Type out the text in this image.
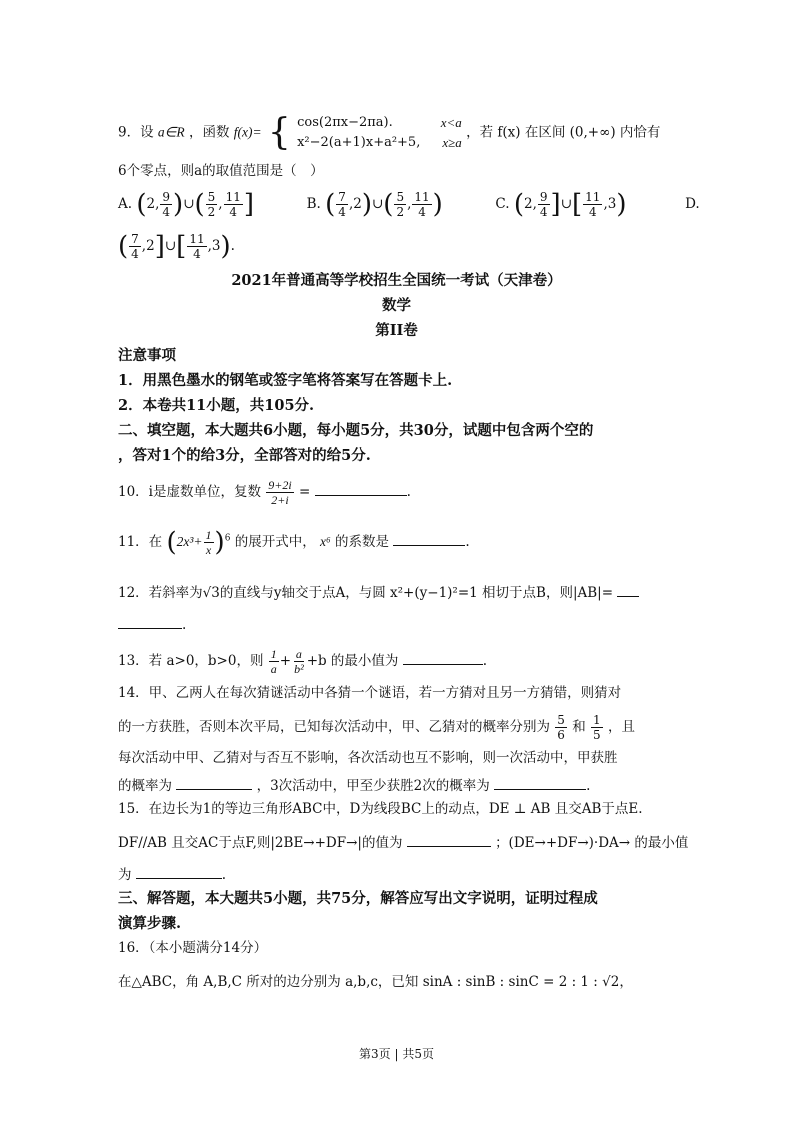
9．设 a∈R ，函数 f(x)= { cos(2πx−2πa).	x<a
x²−2(a+1)x+a²+5, x≥a
，若 f(x) 在区间 (0,+∞) 内恰有
6个零点，则a的取值范围是（　）
A. (2, $\frac{9}{4}$ )∪( $\frac{5}{2}$ , $\frac{11}{4}$ ]	B. ( $\frac{7}{4}$ ,2)∪( $\frac{5}{2}$ , $\frac{11}{4}$ )	C. (2, $\frac{9}{4}$ ]∪[ $\frac{11}{4} ,3$)	D.
( $\frac{7}{4}$ ,2]∪[ $\frac{11}{4} ,3$).
2021年普通高等学校招生全国统一考试（天津卷）
数学
第II卷
注意事项
1．用黑色墨水的钢笔或签字笔将答案写在答题卡上.
2．本卷共11小题，共105分.
二、填空题，本大题共6小题，每小题5分，共30分，试题中包含两个空的
，答对1个的给3分，全部答对的给5分.
10．i是虚数单位，复数 $\frac{9+2i}{2+i}$ =	.
11．在 $(2x^3+ \frac{1}{x} )^6$ 的展开式中， x⁶ 的系数是	.
12．若斜率为√3的直线与y轴交于点A，与圆 x²+(y−1)²=1 相切于点B，则|AB|=
.
13．若 a>0，b>0，则 $\frac{1}{a} + \frac{a}{\text{b²}} +b$ 的最小值为	.
14．甲、乙两人在每次猜谜活动中各猜一个谜语，若一方猜对且另一方猜错，则猜对
的一方获胜，否则本次平局，已知每次活动中，甲、乙猜对的概率分别为 $\frac{5}{6}$ 和 $\frac{1}{5}$ ，且
每次活动中甲、乙猜对与否互不影响，各次活动也互不影响，则一次活动中，甲获胜
的概率为	，3次活动中，甲至少获胜2次的概率为	.
15．在边长为1的等边三角形ABC中，D为线段BC上的动点，DE ⊥ AB 且交AB于点E.
DF//AB 且交AC于点F,则|2BE→+DF→|的值为	；(DE→+DF→)·DA→ 的最小值
为	.
三、解答题，本大题共5小题，共75分，解答应写出文字说明，证明过程成
演算步骤.
16．（本小题满分14分）
在△ABC，角 A,B,C 所对的边分别为 a,b,c，已知 sinA : sinB : sinC = 2 : 1 : √2，
第3页 | 共5页
